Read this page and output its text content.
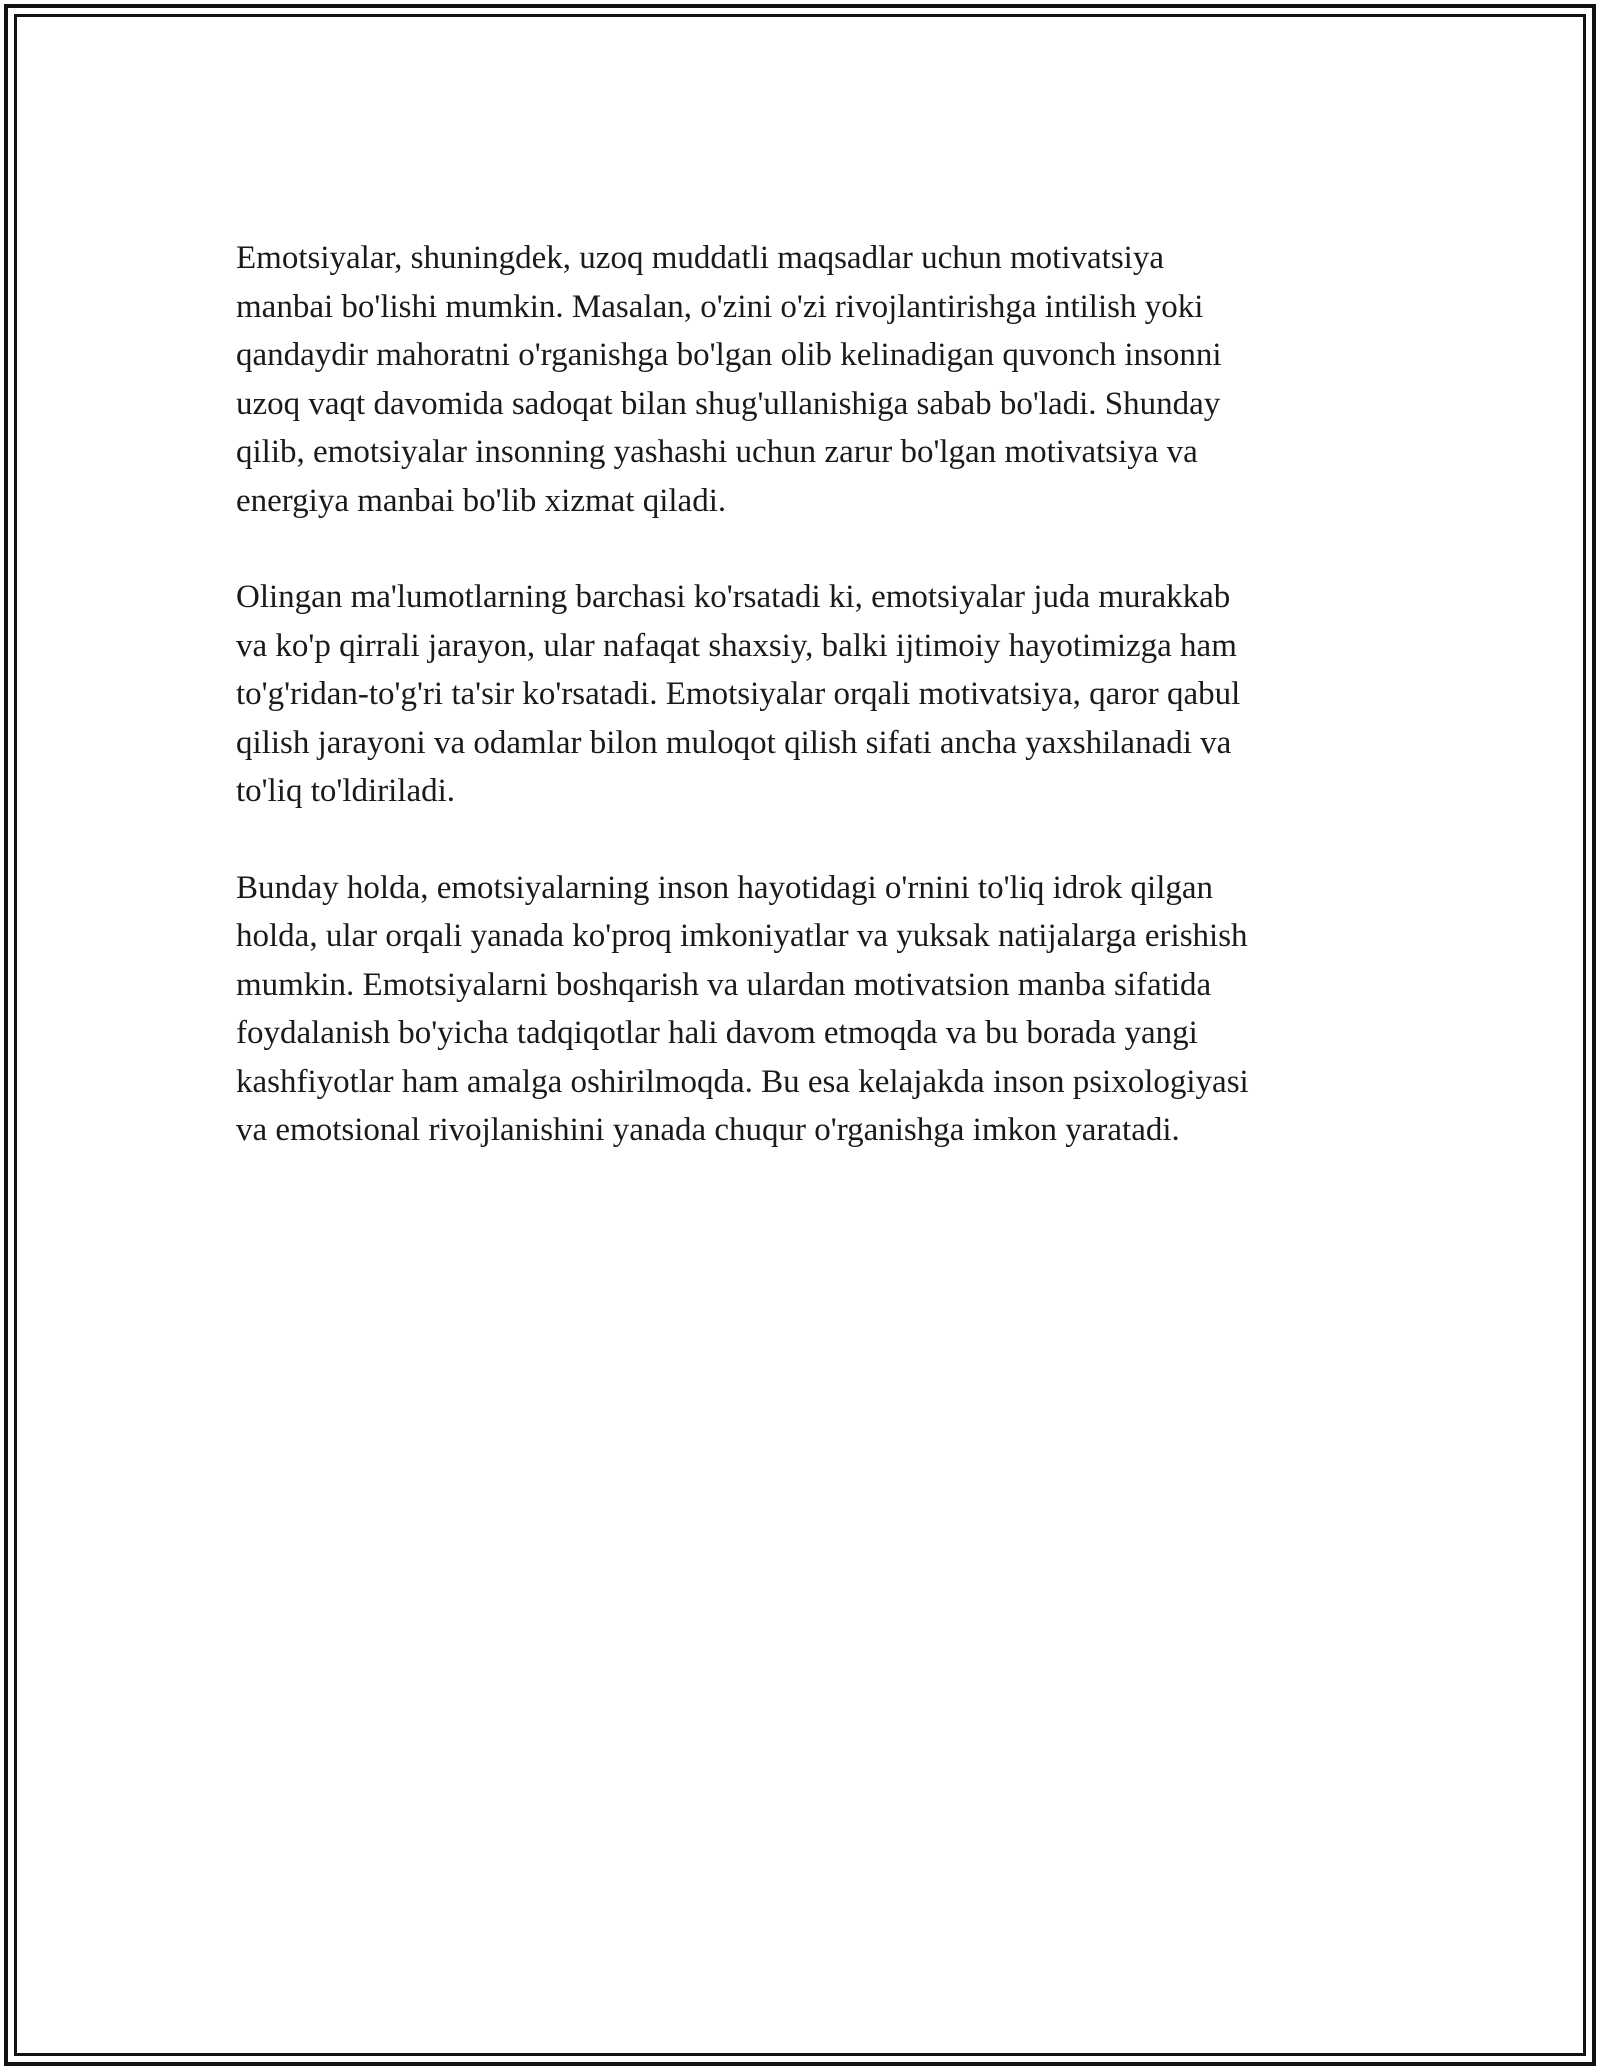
Emotsiyalar, shuningdek, uzoq muddatli maqsadlar uchun motivatsiya
manbai bo'lishi mumkin. Masalan, o'zini o'zi rivojlantirishga intilish yoki
qandaydir mahoratni o'rganishga bo'lgan olib kelinadigan quvonch insonni
uzoq vaqt davomida sadoqat bilan shug'ullanishiga sabab bo'ladi. Shunday
qilib, emotsiyalar insonning yashashi uchun zarur bo'lgan motivatsiya va
energiya manbai bo'lib xizmat qiladi.

Olingan ma'lumotlarning barchasi ko'rsatadi ki, emotsiyalar juda murakkab
va ko'p qirrali jarayon, ular nafaqat shaxsiy, balki ijtimoiy hayotimizga ham
to'g'ridan-to'g'ri ta'sir ko'rsatadi. Emotsiyalar orqali motivatsiya, qaror qabul
qilish jarayoni va odamlar bilon muloqot qilish sifati ancha yaxshilanadi va
to'liq to'ldiriladi.

Bunday holda, emotsiyalarning inson hayotidagi o'rnini to'liq idrok qilgan
holda, ular orqali yanada ko'proq imkoniyatlar va yuksak natijalarga erishish
mumkin. Emotsiyalarni boshqarish va ulardan motivatsion manba sifatida
foydalanish bo'yicha tadqiqotlar hali davom etmoqda va bu borada yangi
kashfiyotlar ham amalga oshirilmoqda. Bu esa kelajakda inson psixologiyasi
va emotsional rivojlanishini yanada chuqur o'rganishga imkon yaratadi.
